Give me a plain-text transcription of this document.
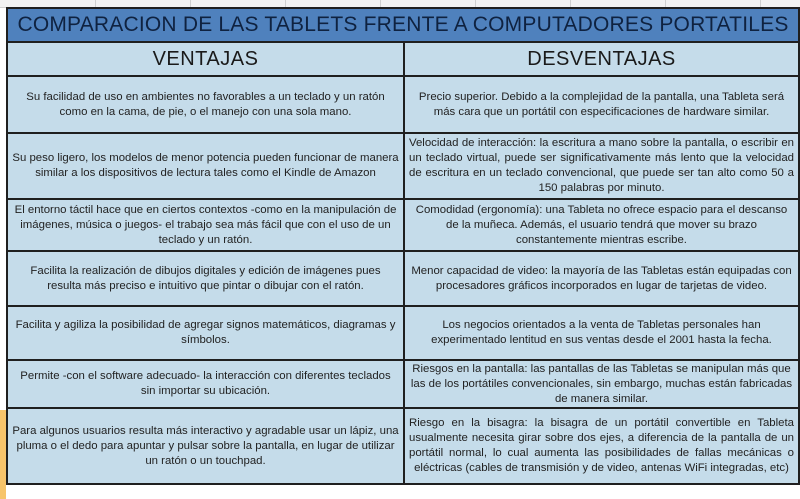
COMPARACION DE LAS TABLETS FRENTE A COMPUTADORES PORTATILES	
VENTAJAS	DESVENTAJAS
Su facilidad de uso en ambientes no favorables a un teclado y un ratón como en la cama, de pie, o el manejo con una sola mano.	Precio superior. Debido a la complejidad de la pantalla, una Tableta será más cara que un portátil con especificaciones de hardware similar.
Su peso ligero, los modelos de menor potencia pueden funcionar de manera similar a los dispositivos de lectura tales como el Kindle de Amazon	Velocidad de interacción: la escritura a mano sobre la pantalla, o escribir en un teclado virtual, puede ser significativamente más lento que la velocidad de escritura en un teclado convencional, que puede ser tan alto como 50 a 150 palabras por minuto.
El entorno táctil hace que en ciertos contextos -como en la manipulación de imágenes, música o juegos- el trabajo sea más fácil que con el uso de un teclado y un ratón.	Comodidad (ergonomía): una Tableta no ofrece espacio para el descanso de la muñeca. Además, el usuario tendrá que mover su brazo constantemente mientras escribe.
Facilita la realización de dibujos digitales y edición de imágenes pues resulta más preciso e intuitivo que pintar o dibujar con el ratón.	Menor capacidad de video: la mayoría de las Tabletas están equipadas con procesadores gráficos incorporados en lugar de tarjetas de video.
Facilita y agiliza la posibilidad de agregar signos matemáticos, diagramas y símbolos.	Los negocios orientados a la venta de Tabletas personales han experimentado lentitud en sus ventas desde el 2001 hasta la fecha.
Permite -con el software adecuado- la interacción con diferentes teclados sin importar su ubicación.	Riesgos en la pantalla: las pantallas de las Tabletas se manipulan más que las de los portátiles convencionales, sin embargo, muchas están fabricadas de manera similar.
Para algunos usuarios resulta más interactivo y agradable usar un lápiz, una pluma o el dedo para apuntar y pulsar sobre la pantalla, en lugar de utilizar un ratón o un touchpad.	Riesgo en la bisagra: la bisagra de un portátil convertible en Tableta usualmente necesita girar sobre dos ejes, a diferencia de la pantalla de un portátil normal, lo cual aumenta las posibilidades de fallas mecánicas o eléctricas (cables de transmisión y de video, antenas WiFi integradas, etc)
